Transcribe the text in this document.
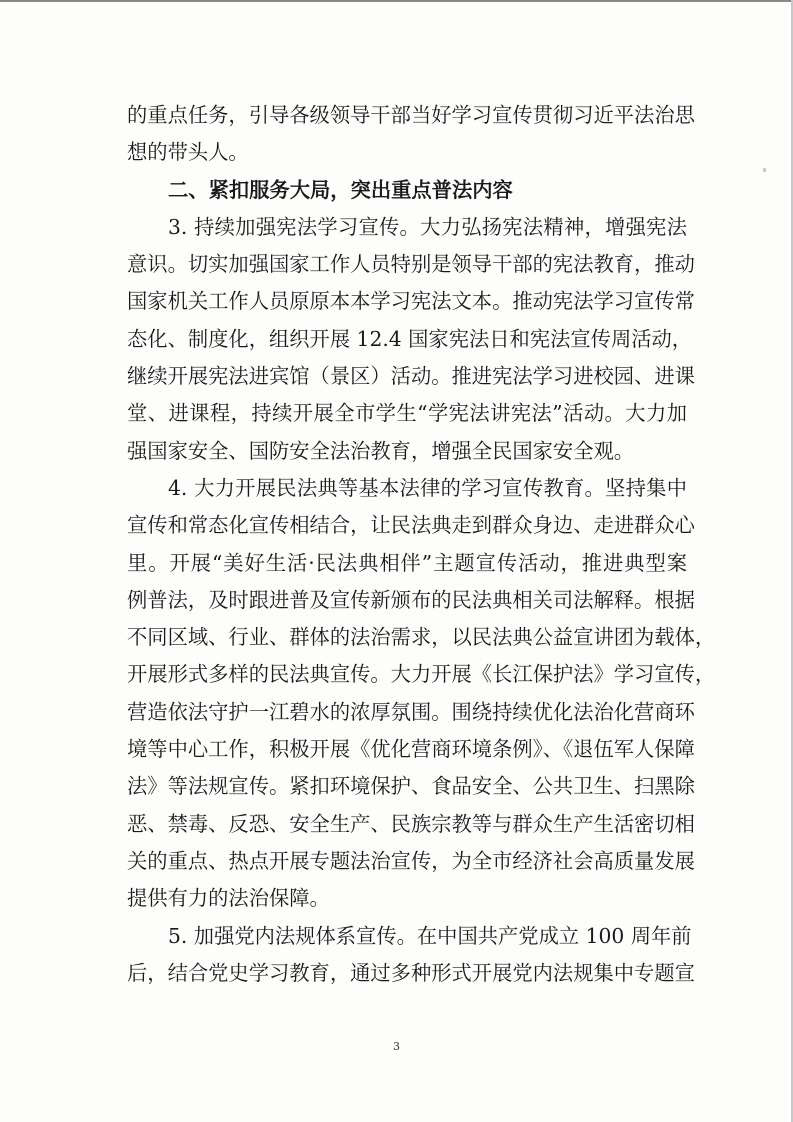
的重点任务，引导各级领导干部当好学习宣传贯彻习近平法治思
想的带头人。
二、紧扣服务大局，突出重点普法内容
3. 持续加强宪法学习宣传。大力弘扬宪法精神，增强宪法
意识。切实加强国家工作人员特别是领导干部的宪法教育，推动
国家机关工作人员原原本本学习宪法文本。推动宪法学习宣传常
态化、制度化，组织开展 12.4 国家宪法日和宪法宣传周活动，
继续开展宪法进宾馆（景区）活动。推进宪法学习进校园、进课
堂、进课程，持续开展全市学生“学宪法讲宪法”活动。大力加
强国家安全、国防安全法治教育，增强全民国家安全观。
4. 大力开展民法典等基本法律的学习宣传教育。坚持集中
宣传和常态化宣传相结合，让民法典走到群众身边、走进群众心
里。开展“美好生活·民法典相伴”主题宣传活动，推进典型案
例普法，及时跟进普及宣传新颁布的民法典相关司法解释。根据
不同区域、行业、群体的法治需求，以民法典公益宣讲团为载体，
开展形式多样的民法典宣传。大力开展《长江保护法》学习宣传，
营造依法守护一江碧水的浓厚氛围。围绕持续优化法治化营商环
境等中心工作，积极开展《优化营商环境条例》、《退伍军人保障
法》等法规宣传。紧扣环境保护、食品安全、公共卫生、扫黑除
恶、禁毒、反恐、安全生产、民族宗教等与群众生产生活密切相
关的重点、热点开展专题法治宣传，为全市经济社会高质量发展
提供有力的法治保障。
5. 加强党内法规体系宣传。在中国共产党成立 100 周年前
后，结合党史学习教育，通过多种形式开展党内法规集中专题宣
3
